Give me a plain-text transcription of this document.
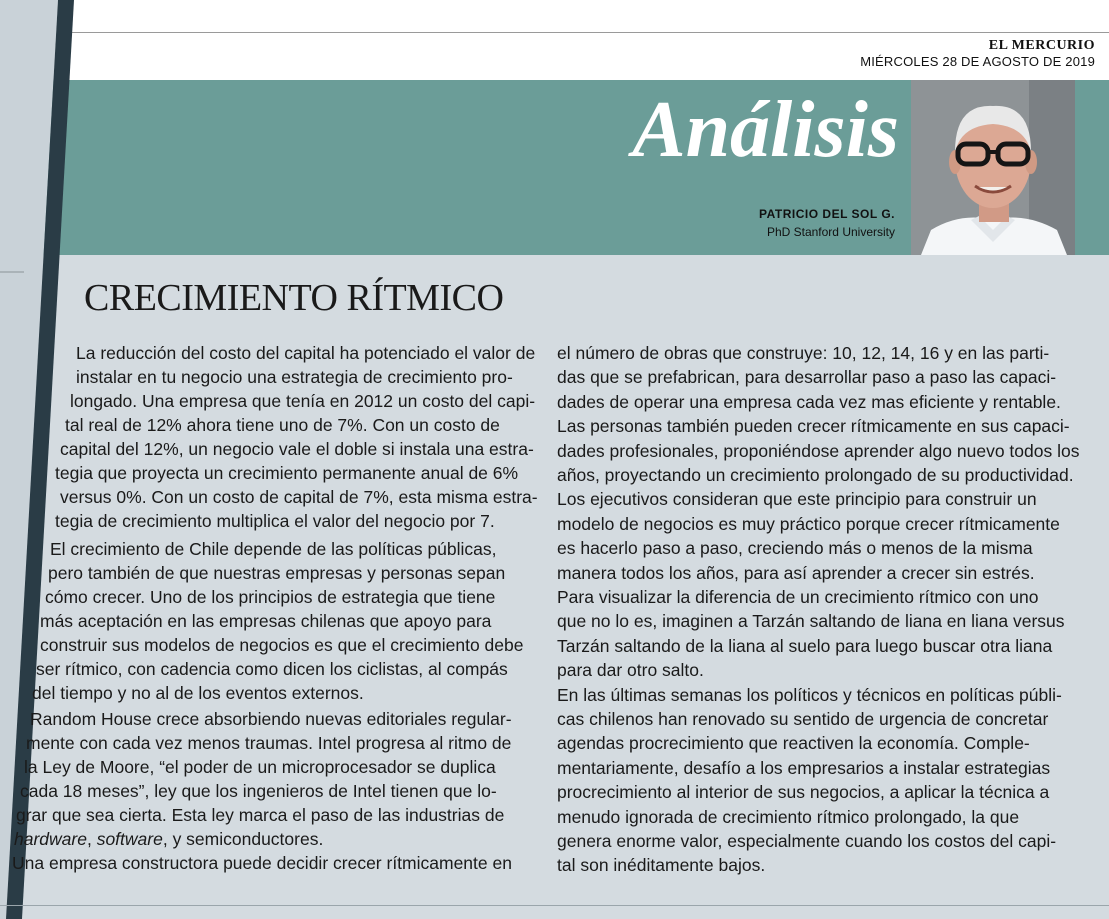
EL MERCURIO
MIÉRCOLES 28 DE AGOSTO DE 2019
Análisis
PATRICIO DEL SOL G.
PhD Stanford University
CRECIMIENTO RÍTMICO
La reducción del costo del capital ha potenciado el valor de
instalar en tu negocio una estrategia de crecimiento pro-
longado. Una empresa que tenía en 2012 un costo del capi-
tal real de 12% ahora tiene uno de 7%. Con un costo de
capital del 12%, un negocio vale el doble si instala una estra-
tegia que proyecta un crecimiento permanente anual de 6%
versus 0%. Con un costo de capital de 7%, esta misma estra-
tegia de crecimiento multiplica el valor del negocio por 7.
El crecimiento de Chile depende de las políticas públicas,
pero también de que nuestras empresas y personas sepan
cómo crecer. Uno de los principios de estrategia que tiene
más aceptación en las empresas chilenas que apoyo para
construir sus modelos de negocios es que el crecimiento debe
ser rítmico, con cadencia como dicen los ciclistas, al compás
del tiempo y no al de los eventos externos.
Random House crece absorbiendo nuevas editoriales regular-
mente con cada vez menos traumas. Intel progresa al ritmo de
la Ley de Moore, “el poder de un microprocesador se duplica
cada 18 meses”, ley que los ingenieros de Intel tienen que lo-
grar que sea cierta. Esta ley marca el paso de las industrias de
Una empresa constructora puede decidir crecer rítmicamente en
el número de obras que construye: 10, 12, 14, 16 y en las parti-
das que se prefabrican, para desarrollar paso a paso las capaci-
dades de operar una empresa cada vez mas eficiente y rentable.
Las personas también pueden crecer rítmicamente en sus capaci-
dades profesionales, proponiéndose aprender algo nuevo todos los
años, proyectando un crecimiento prolongado de su productividad.
Los ejecutivos consideran que este principio para construir un
modelo de negocios es muy práctico porque crecer rítmicamente
es hacerlo paso a paso, creciendo más o menos de la misma
manera todos los años, para así aprender a crecer sin estrés.
Para visualizar la diferencia de un crecimiento rítmico con uno
que no lo es, imaginen a Tarzán saltando de liana en liana versus
Tarzán saltando de la liana al suelo para luego buscar otra liana
para dar otro salto.
En las últimas semanas los políticos y técnicos en políticas públi-
cas chilenos han renovado su sentido de urgencia de concretar
agendas procrecimiento que reactiven la economía. Comple-
mentariamente, desafío a los empresarios a instalar estrategias
procrecimiento al interior de sus negocios, a aplicar la técnica a
menudo ignorada de crecimiento rítmico prolongado, la que
genera enorme valor, especialmente cuando los costos del capi-
tal son inéditamente bajos.
hardware, software, y semiconductores.
